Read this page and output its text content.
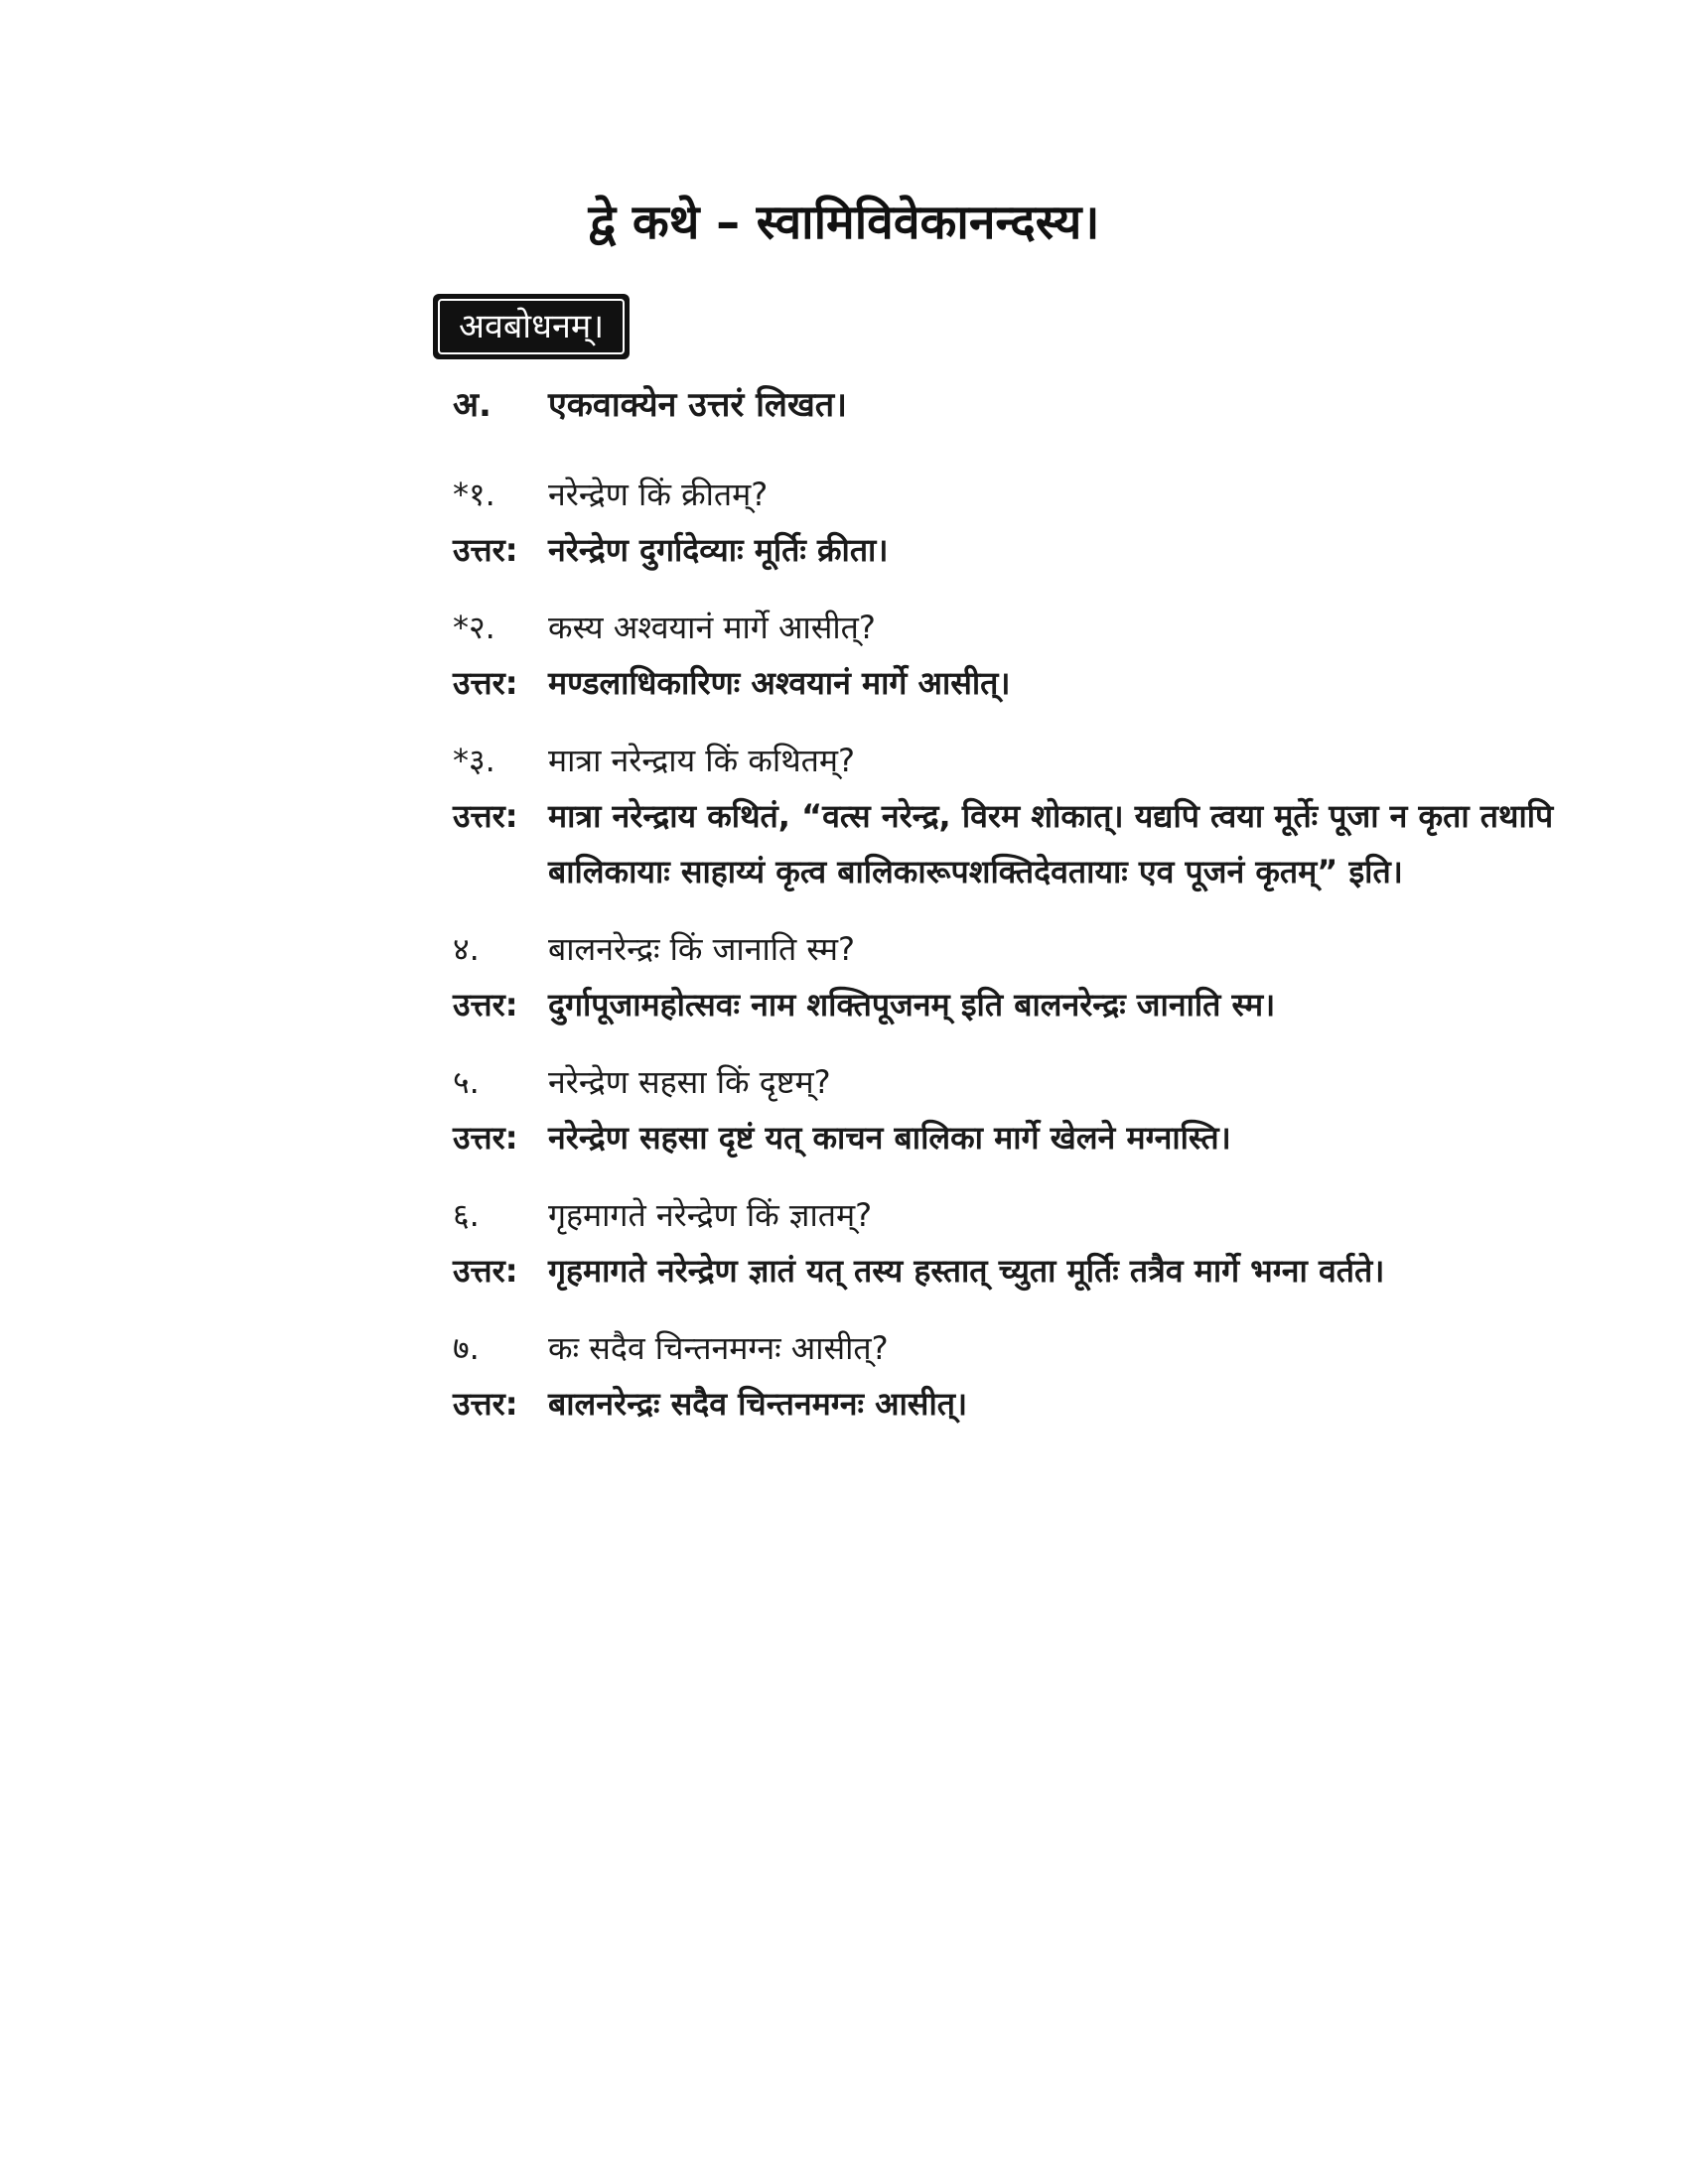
द्वे कथे – स्वामिविवेकानन्दस्य।
अवबोधनम्।
अ. एकवाक्येन उत्तरं लिखत।
*१. नरेन्द्रेण किं क्रीतम्?
उत्तर: नरेन्द्रेण दुर्गादेव्याः मूर्तिः क्रीता।
*२. कस्य अश्वयानं मार्गे आसीत्?
उत्तर: मण्डलाधिकारिणः अश्वयानं मार्गे आसीत्।
*३. मात्रा नरेन्द्राय किं कथितम्?
उत्तर: मात्रा नरेन्द्राय कथितं, “वत्स नरेन्द्र, विरम शोकात्। यद्यपि त्वया मूर्तेः पूजा न कृता तथापि बालिकायाः साहाय्यं कृत्व बालिकारूपशक्तिदेवतायाः एव पूजनं कृतम्” इति।
४. बालनरेन्द्रः किं जानाति स्म?
उत्तर: दुर्गापूजामहोत्सवः नाम शक्तिपूजनम् इति बालनरेन्द्रः जानाति स्म।
५. नरेन्द्रेण सहसा किं दृष्टम्?
उत्तर: नरेन्द्रेण सहसा दृष्टं यत् काचन बालिका मार्गे खेलने मग्नास्ति।
६. गृहमागते नरेन्द्रेण किं ज्ञातम्?
उत्तर: गृहमागते नरेन्द्रेण ज्ञातं यत् तस्य हस्तात् च्युता मूर्तिः तत्रैव मार्गे भग्ना वर्तते।
७. कः सदैव चिन्तनमग्नः आसीत्?
उत्तर: बालनरेन्द्रः सदैव चिन्तनमग्नः आसीत्।
